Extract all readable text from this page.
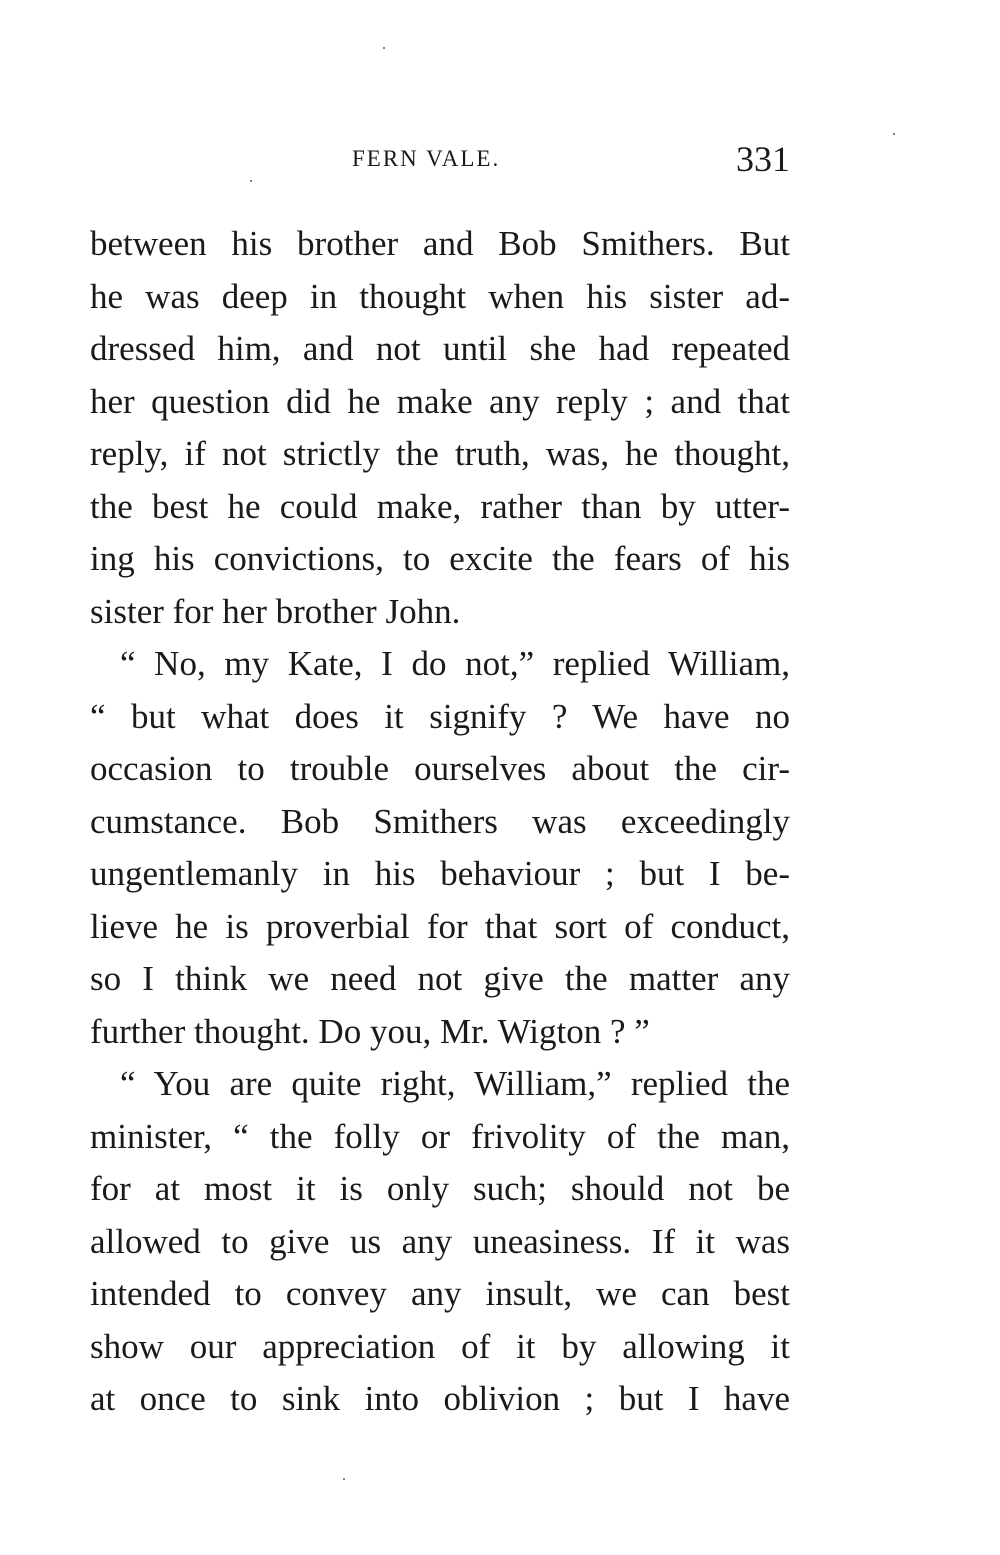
FERN VALE.	331
between his brother and Bob Smithers. But
he was deep in thought when his sister ad-
dressed him, and not until she had repeated
her question did he make any reply ; and that
reply, if not strictly the truth, was, he thought,
the best he could make, rather than by utter-
ing his convictions, to excite the fears of his
sister for her brother John.
“ No, my Kate, I do not,” replied William,
“ but what does it signify ? We have no
occasion to trouble ourselves about the cir-
cumstance. Bob Smithers was exceedingly
ungentlemanly in his behaviour ; but I be-
lieve he is proverbial for that sort of conduct,
so I think we need not give the matter any
further thought. Do you, Mr. Wigton ? ”
“ You are quite right, William,” replied the
minister, “ the folly or frivolity of the man,
for at most it is only such; should not be
allowed to give us any uneasiness. If it was
intended to convey any insult, we can best
show our appreciation of it by allowing it
at once to sink into oblivion ; but I have
